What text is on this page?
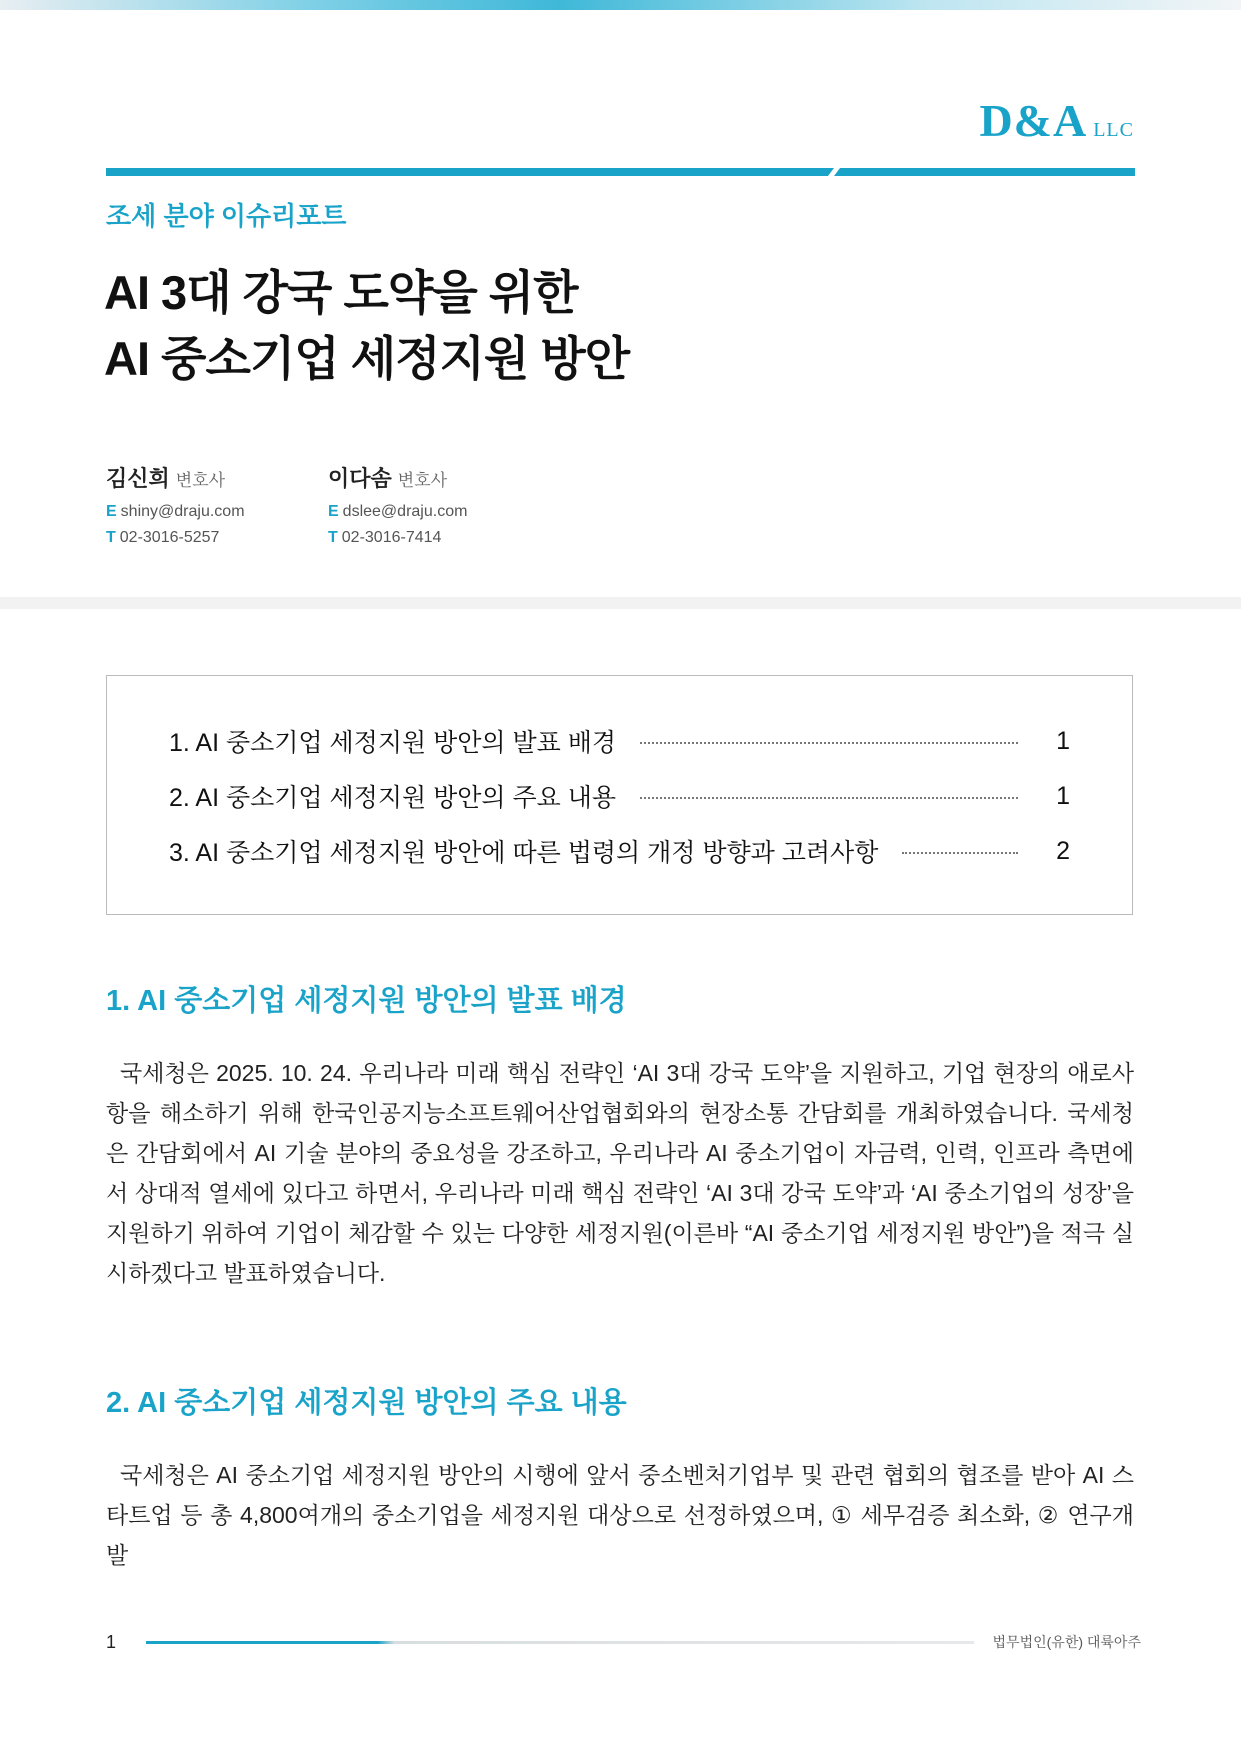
D&A LLC
조세 분야 이슈리포트
AI 3대 강국 도약을 위한
AI 중소기업 세정지원 방안
김신희 변호사
E shiny@draju.com
T 02-3016-5257
이다솜 변호사
E dslee@draju.com
T 02-3016-7414
1. AI 중소기업 세정지원 방안의 발표 배경	1
2. AI 중소기업 세정지원 방안의 주요 내용	1
3. AI 중소기업 세정지원 방안에 따른 법령의 개정 방향과 고려사항	2
1. AI 중소기업 세정지원 방안의 발표 배경

국세청은 2025. 10. 24. 우리나라 미래 핵심 전략인 ‘AI 3대 강국 도약’을 지원하고, 기업 현장의 애로사항을 해소하기 위해 한국인공지능소프트웨어산업협회와의 현장소통 간담회를 개최하였습니다. 국세청은 간담회에서 AI 기술 분야의 중요성을 강조하고, 우리나라 AI 중소기업이 자금력, 인력, 인프라 측면에서 상대적 열세에 있다고 하면서, 우리나라 미래 핵심 전략인 ‘AI 3대 강국 도약’과 ‘AI 중소기업의 성장’을 지원하기 위하여 기업이 체감할 수 있는 다양한 세정지원(이른바 “AI 중소기업 세정지원 방안”)을 적극 실시하겠다고 발표하였습니다.

2. AI 중소기업 세정지원 방안의 주요 내용

국세청은 AI 중소기업 세정지원 방안의 시행에 앞서 중소벤처기업부 및 관련 협회의 협조를 받아 AI 스타트업 등 총 4,800여개의 중소기업을 세정지원 대상으로 선정하였으며, ① 세무검증 최소화, ② 연구개발

1	법무법인(유한) 대륙아주
